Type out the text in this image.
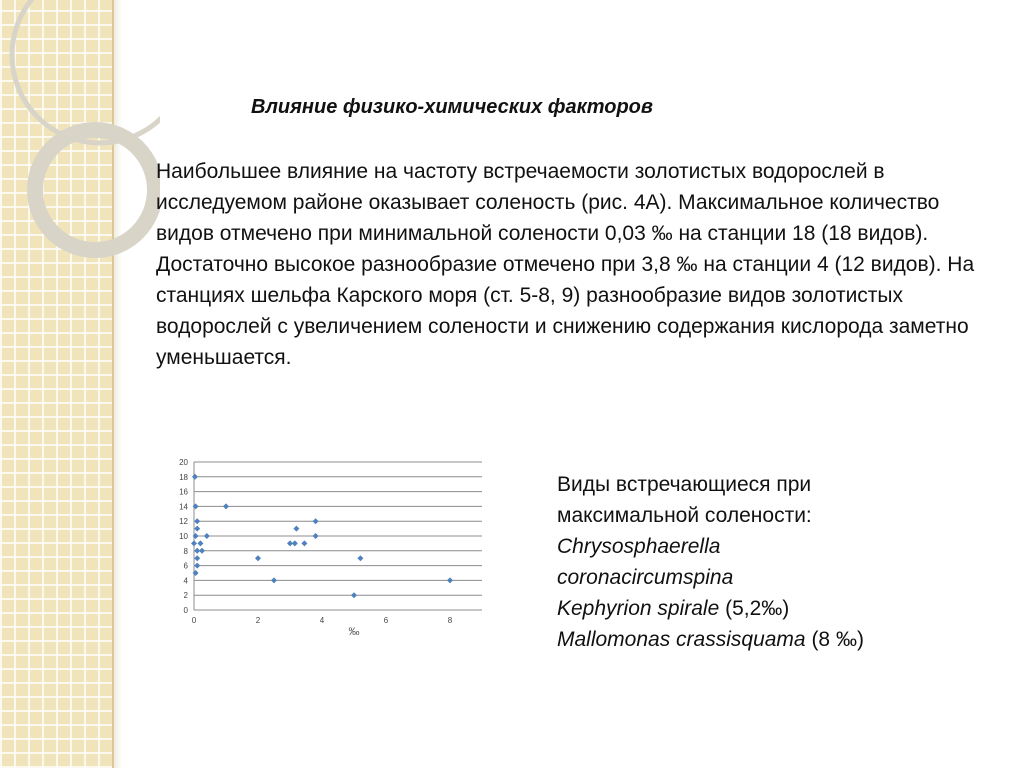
Влияние физико-химических факторов

Наибольшее влияние на частоту встречаемости золотистых водорослей в исследуемом районе оказывает соленость (рис. 4А). Максимальное количество видов отмечено при минимальной солености 0,03 ‰ на станции 18 (18 видов).

Достаточно высокое разнообразие отмечено при 3,8 ‰ на станции 4 (12 видов). На станциях шельфа Карского моря (ст. 5-8, 9) разнообразие видов золотистых водорослей с увеличением солености и снижению содержания кислорода заметно уменьшается.

0
2
4
6
8
10
12
14
16
18
20
0	2	4	6	8
‰
Виды встречающиеся при
максимальной солености:
Chrysosphaerella
coronacircumspina
Kephyrion spirale (5,2‰)
Mallomonas crassisquama (8 ‰)
